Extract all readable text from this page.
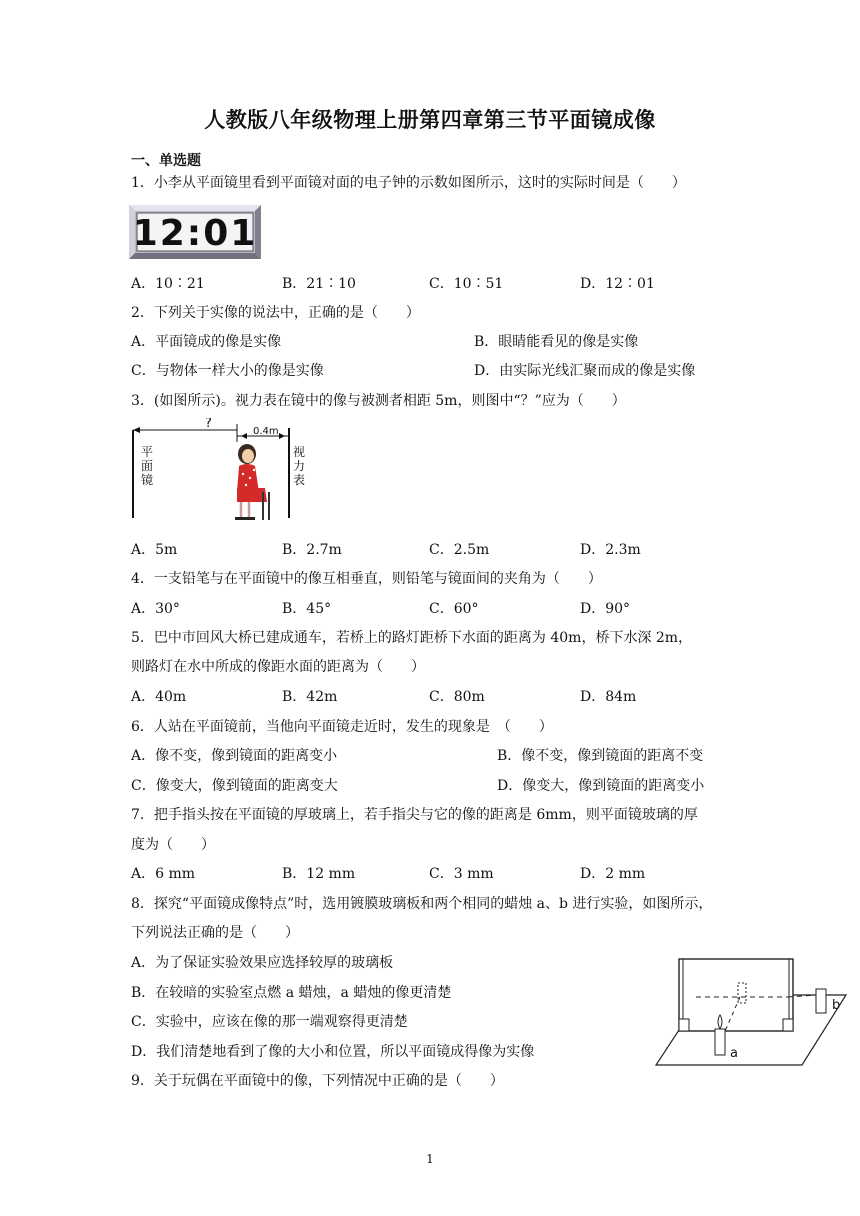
人教版八年级物理上册第四章第三节平面镜成像
一、单选题
1．小李从平面镜里看到平面镜对面的电子钟的示数如图所示，这时的实际时间是（　　）
12:01
A．10∶21	B．21∶10	C．10∶51	D．12∶01
2．下列关于实像的说法中，正确的是（　　）
A．平面镜成的像是实像	B．眼睛能看见的像是实像
C．与物体一样大小的像是实像	D．由实际光线汇聚而成的像是实像
3．(如图所示)。视力表在镜中的像与被测者相距 5m，则图中“？”应为（　　）
?
0.4m
平
面
镜
视
力
表
A．5m	B．2.7m	C．2.5m	D．2.3m
4．一支铅笔与在平面镜中的像互相垂直，则铅笔与镜面间的夹角为（　　）
A．30°	B．45°	C．60°	D．90°
5．巴中市回风大桥已建成通车，若桥上的路灯距桥下水面的距离为 40m，桥下水深 2m，
则路灯在水中所成的像距水面的距离为（　　）
A．40m	B．42m	C．80m	D．84m
6．人站在平面镜前，当他向平面镜走近时，发生的现象是　（　　）
A．像不变，像到镜面的距离变小	B．像不变，像到镜面的距离不变
C．像变大，像到镜面的距离变大	D．像变大，像到镜面的距离变小
7．把手指头按在平面镜的厚玻璃上，若手指尖与它的像的距离是 6mm，则平面镜玻璃的厚
度为（　　）
A．6 mm	B．12 mm	C．3 mm	D．2 mm
8．探究“平面镜成像特点”时，选用镀膜玻璃板和两个相同的蜡烛 a、b 进行实验，如图所示，
下列说法正确的是（　　）
A．为了保证实验效果应选择较厚的玻璃板
B．在较暗的实验室点燃 a 蜡烛，a 蜡烛的像更清楚
C．实验中，应该在像的那一端观察得更清楚
D．我们清楚地看到了像的大小和位置，所以平面镜成得像为实像	a
b
9．关于玩偶在平面镜中的像，下列情况中正确的是（　　）
1
